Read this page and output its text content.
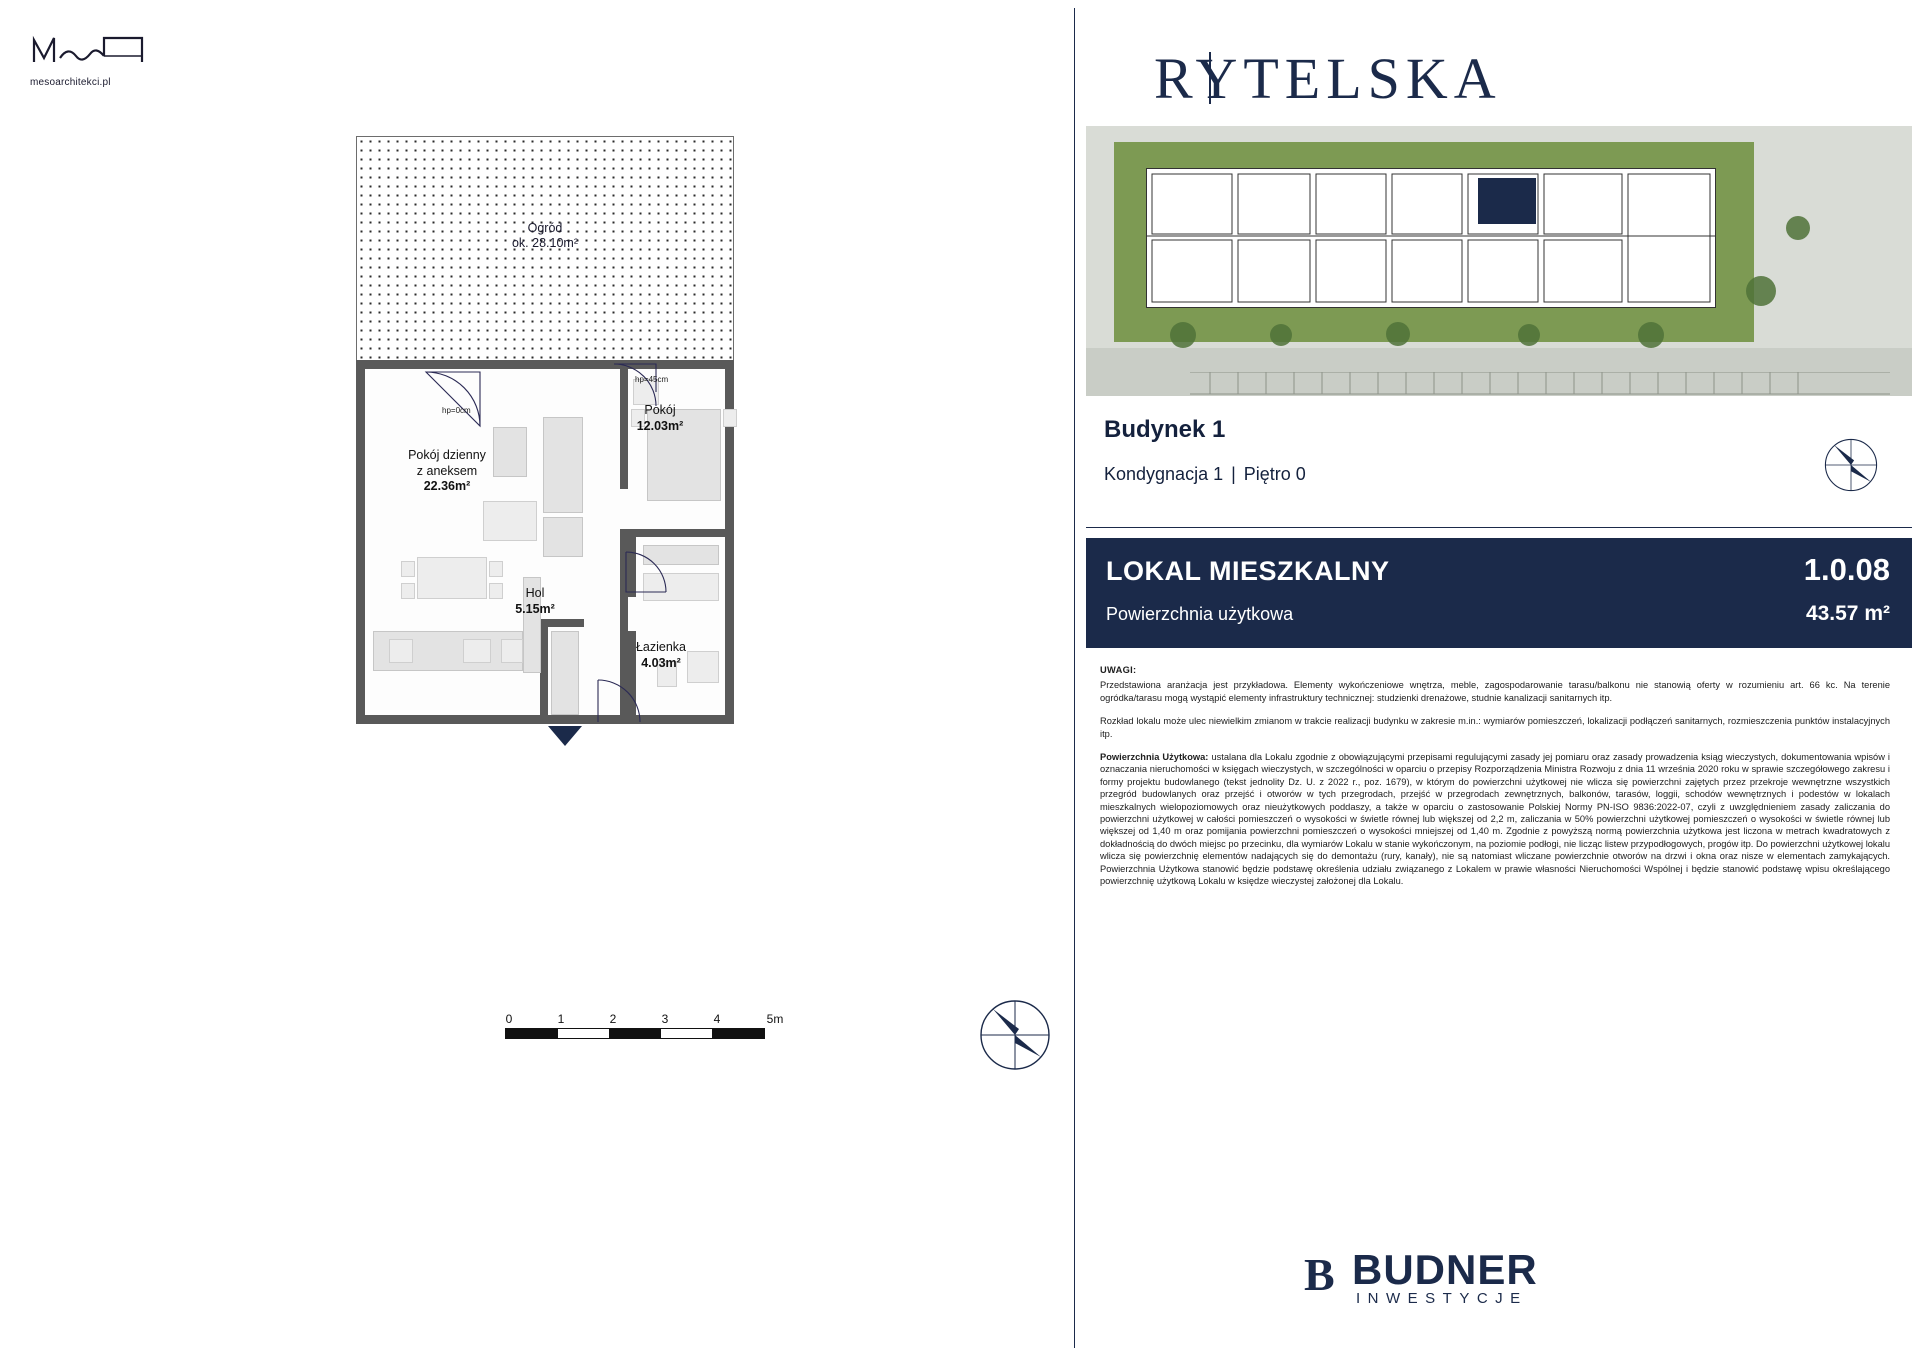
mesoarchitekci.pl
Ogród
ok. 28.10m²
hp=0cm
hp=45cm
Pokój dzienny
z aneksem
22.36m²
Pokój
12.03m²
Hol
5.15m²
Łazienka
4.03m²
0	1	2	3	4	5m
RYTELSKA
Budynek 1
Kondygnacja 1 | Piętro 0
LOKAL MIESZKALNY	1.0.08
Powierzchnia użytkowa	43.57 m²
UWAGI:

Przedstawiona aranżacja jest przykładowa. Elementy wykończeniowe wnętrza, meble, zagospodarowanie tarasu/balkonu nie stanowią oferty w rozumieniu art. 66 kc. Na terenie ogródka/tarasu mogą wystąpić elementy infrastruktury technicznej: studzienki drenażowe, studnie kanalizacji sanitarnych itp.

Rozkład lokalu może ulec niewielkim zmianom w trakcie realizacji budynku w zakresie m.in.: wymiarów pomieszczeń, lokalizacji podłączeń sanitarnych, rozmieszczenia punktów instalacyjnych itp.

Powierzchnia Użytkowa: ustalana dla Lokalu zgodnie z obowiązującymi przepisami regulującymi zasady jej pomiaru oraz zasady prowadzenia ksiąg wieczystych, dokumentowania wpisów i oznaczania nieruchomości w księgach wieczystych, w szczególności w oparciu o przepisy Rozporządzenia Ministra Rozwoju z dnia 11 września 2020 roku w sprawie szczegółowego zakresu i formy projektu budowlanego (tekst jednolity Dz. U. z 2022 r., poz. 1679), w którym do powierzchni użytkowej nie wlicza się powierzchni zajętych przez przekroje wewnętrzne wszystkich przegród budowlanych oraz przejść i otworów w tych przegrodach, przejść w przegrodach zewnętrznych, balkonów, tarasów, loggii, schodów wewnętrznych i podestów w lokalach mieszkalnych wielopoziomowych oraz nieużytkowych poddaszy, a także w oparciu o zastosowanie Polskiej Normy PN-ISO 9836:2022-07, czyli z uwzględnieniem zasady zaliczania do powierzchni użytkowej w całości pomieszczeń o wysokości w świetle równej lub większej od 2,2 m, zaliczania w 50% powierzchni użytkowej pomieszczeń o wysokości w świetle równej lub większej od 1,40 m oraz pomijania powierzchni pomieszczeń o wysokości mniejszej od 1,40 m. Zgodnie z powyższą normą powierzchnia użytkowa jest liczona w metrach kwadratowych z dokładnością do dwóch miejsc po przecinku, dla wymiarów Lokalu w stanie wykończonym, na poziomie podłogi, nie licząc listew przypodłogowych, progów itp. Do powierzchni użytkowej lokalu wlicza się powierzchnię elementów nadających się do demontażu (rury, kanały), nie są natomiast wliczane powierzchnie otworów na drzwi i okna oraz nisze w elementach zamykających. Powierzchnia Użytkowa stanowić będzie podstawę określenia udziału związanego z Lokalem w prawie własności Nieruchomości Wspólnej i będzie stanowić podstawę wpisu określającego powierzchnię użytkową Lokalu w księdze wieczystej założonej dla Lokalu.

B BUDNER
INWESTYCJE
